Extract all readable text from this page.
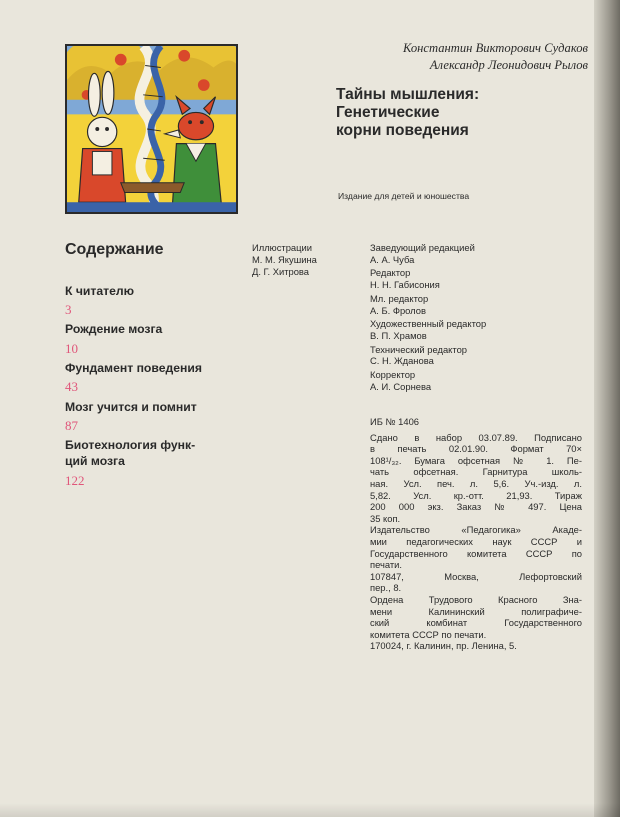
Константин Викторович Судаков
Александр Леонидович Рылов
Тайны мышления:
Генетические
корни поведения
Издание для детей и юношества
Содержание
К читателю
3
Рождение мозга
10
Фундамент поведения
43
Мозг учится и помнит
87
Биотехнология функ-
ций мозга
122
Иллюстрации
М. М. Якушина
Д. Г. Хитрова
Заведующий редакцией
А. А. Чуба
Редактор
Н. Н. Габисония
Мл. редактор
А. Б. Фролов
Художественный редактор
В. П. Храмов
Технический редактор
С. Н. Жданова
Корректор
А. И. Сорнева
ИБ № 1406
Сдано в набор 03.07.89. Подписано
в печать 02.01.90. Формат 70×
108¹/₃₂. Бумага офсетная № 1. Пе-
чать офсетная. Гарнитура школь-
ная. Усл. печ. л. 5,6. Уч.-изд. л.
5,82. Усл. кр.-отт. 21,93. Тираж
200 000 экз. Заказ № 497. Цена
35 коп.
Издательство «Педагогика» Акаде-
мии педагогических наук СССР и
Государственного комитета СССР по
печати.
107847, Москва, Лефортовский
пер., 8.
Ордена Трудового Красного Зна-
мени Калининский полиграфиче-
ский комбинат Государственного
комитета СССР по печати.
170024, г. Калинин, пр. Ленина, 5.
